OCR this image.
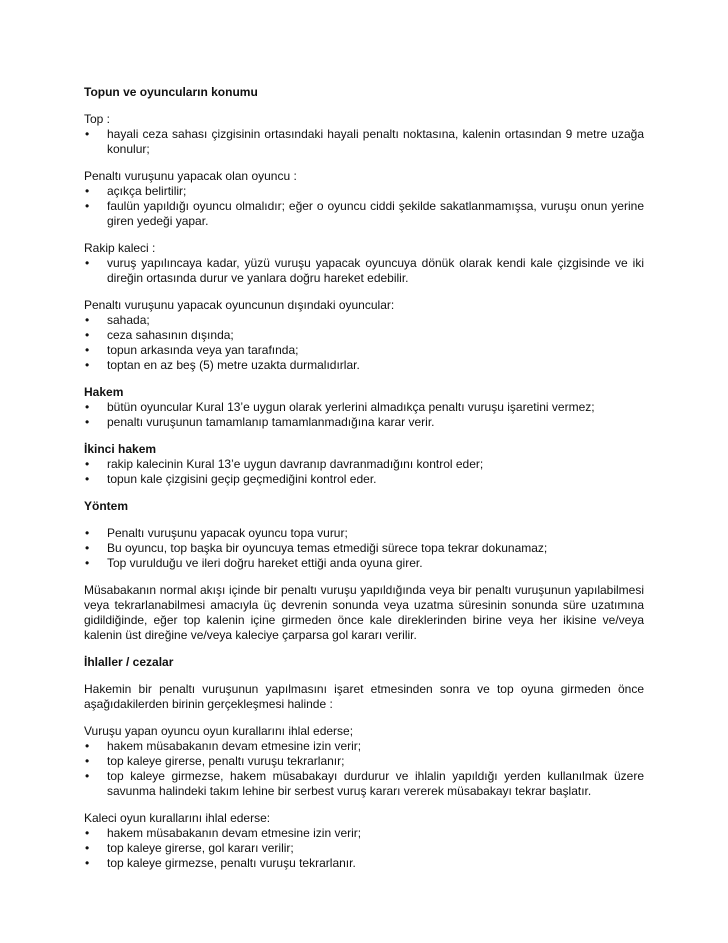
Topun ve oyuncuların konumu

Top :

• hayali ceza sahası çizgisinin ortasındaki hayali penaltı noktasına, kalenin ortasından 9 metre uzağa konulur;

Penaltı vuruşunu yapacak olan oyuncu :

• açıkça belirtilir;
• faulün yapıldığı oyuncu olmalıdır; eğer o oyuncu ciddi şekilde sakatlanmamışsa, vuruşu onun yerine giren yedeği yapar.

Rakip kaleci :

• vuruş yapılıncaya kadar, yüzü vuruşu yapacak oyuncuya dönük olarak kendi kale çizgisinde ve iki direğin ortasında durur ve yanlara doğru hareket edebilir.

Penaltı vuruşunu yapacak oyuncunun dışındaki oyuncular:

• sahada;
• ceza sahasının dışında;
• topun arkasında veya yan tarafında;
• toptan en az beş (5) metre uzakta durmalıdırlar.

Hakem

• bütün oyuncular Kural 13’e uygun olarak yerlerini almadıkça penaltı vuruşu işaretini vermez;
• penaltı vuruşunun tamamlanıp tamamlanmadığına karar verir.

İkinci hakem

• rakip kalecinin Kural 13’e uygun davranıp davranmadığını kontrol eder;
• topun kale çizgisini geçip geçmediğini kontrol eder.

Yöntem

• Penaltı vuruşunu yapacak oyuncu topa vurur;
• Bu oyuncu, top başka bir oyuncuya temas etmediği sürece topa tekrar dokunamaz;
• Top vurulduğu ve ileri doğru hareket ettiği anda oyuna girer.

Müsabakanın normal akışı içinde bir penaltı vuruşu yapıldığında veya bir penaltı vuruşunun yapılabilmesi veya tekrarlanabilmesi amacıyla üç devrenin sonunda veya uzatma süresinin sonunda süre uzatımına gidildiğinde, eğer top kalenin içine girmeden önce kale direklerinden birine veya her ikisine ve/veya kalenin üst direğine ve/veya kaleciye çarparsa gol kararı verilir.

İhlaller / cezalar

Hakemin bir penaltı vuruşunun yapılmasını işaret etmesinden sonra ve top oyuna girmeden önce aşağıdakilerden birinin gerçekleşmesi halinde :

Vuruşu yapan oyuncu oyun kurallarını ihlal ederse;

• hakem müsabakanın devam etmesine izin verir;
• top kaleye girerse, penaltı vuruşu tekrarlanır;
• top kaleye girmezse, hakem müsabakayı durdurur ve ihlalin yapıldığı yerden kullanılmak üzere savunma halindeki takım lehine bir serbest vuruş kararı vererek müsabakayı tekrar başlatır.

Kaleci oyun kurallarını ihlal ederse:

• hakem müsabakanın devam etmesine izin verir;
• top kaleye girerse, gol kararı verilir;
• top kaleye girmezse, penaltı vuruşu tekrarlanır.
